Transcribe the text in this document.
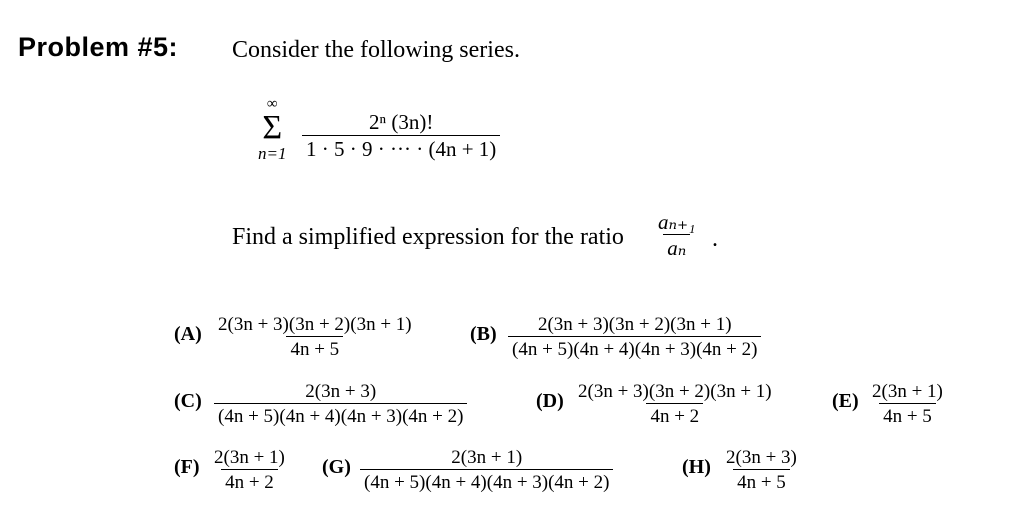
Problem #5: Consider the following series.
∞
Σ
$n=1 \frac{\text{2ⁿ (3n)!}}{1 \cdot 5 \cdot 9 \cdot \cdot\cdot\cdot \cdot (4n + 1)}$
Find a simplified expression for the ratio $\frac{\text{aₙ₊₁}}{\text{aₙ}}$ .
$(A) \frac{2(3n + 3)(3n + 2)(3n + 1)}{4n + 5}$	$(B) \frac{2(3n + 3)(3n + 2)(3n + 1)}{(4n + 5)(4n + 4)(4n + 3)(4n + 2)}$
$(C) \frac{2(3n + 3)}{(4n + 5)(4n + 4)(4n + 3)(4n + 2)}$	$(D) \frac{2(3n + 3)(3n + 2)(3n + 1)}{4n + 2}$	$(E) \frac{2(3n + 1)}{4n + 5}$
$(F) \frac{2(3n + 1)}{4n + 2} (G) \frac{2(3n + 1)}{(4n + 5)(4n + 4)(4n + 3)(4n + 2)}$	$(H) \frac{2(3n + 3)}{4n + 5}$
